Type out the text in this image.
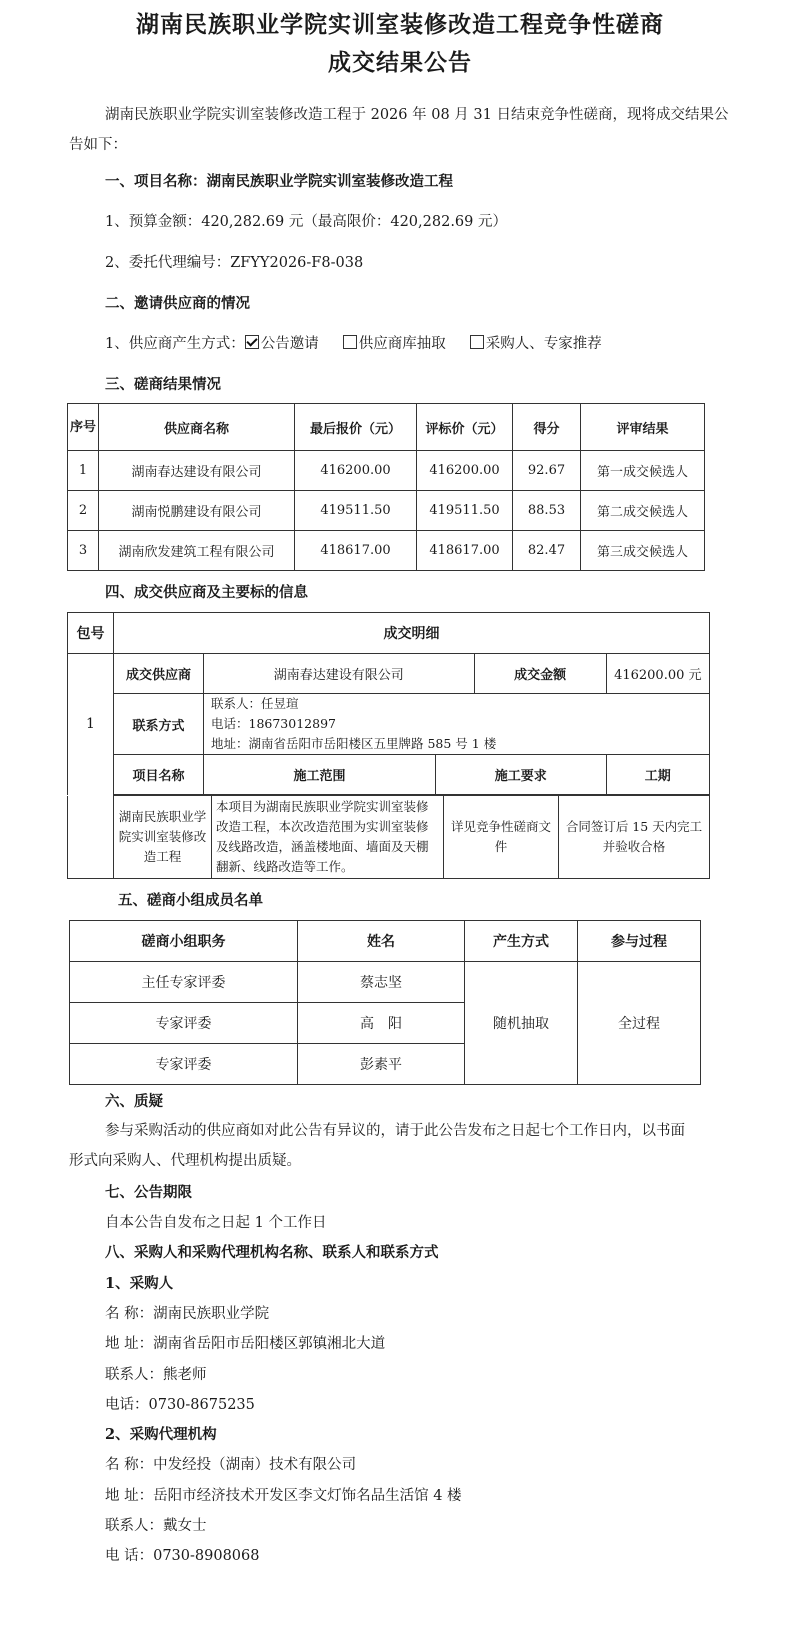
湖南民族职业学院实训室装修改造工程竞争性磋商
成交结果公告
湖南民族职业学院实训室装修改造工程于 2026 年 08 月 31 日结束竞争性磋商，现将成交结果公告如下：
一、项目名称：湖南民族职业学院实训室装修改造工程
1、预算金额：420,282.69 元（最高限价：420,282.69 元）
2、委托代理编号：ZFYY2026-F8-038
二、邀请供应商的情况
1、供应商产生方式： 公告邀请	供应商库抽取	采购人、专家推荐
三、磋商结果情况
序号	供应商名称	最后报价（元）	评标价（元）	得分	评审结果
1	湖南春达建设有限公司	416200.00	416200.00	92.67	第一成交候选人
2	湖南悦鹏建设有限公司	419511.50	419511.50	88.53	第二成交候选人
3	湖南欣发建筑工程有限公司	418617.00	418617.00	82.47	第三成交候选人
四、成交供应商及主要标的信息
包号	成交明细				
1	成交供应商	湖南春达建设有限公司		成交金额	416200.00 元
	联系方式	联系人：任昱瑄
电话：18673012897
地址：湖南省岳阳市岳阳楼区五里牌路 585 号 1 楼			

	项目名称	施工范围	施工要求		工期
	湖南民族职业学院实训室装修改造工程	本项目为湖南民族职业学院实训室装修改造工程，本次改造范围为实训室装修及线路改造，涵盖楼地面、墙面及天棚翻新、线路改造等工作。	详见竞争性磋商文件	合同签订后 15 天内完工并验收合格
五、磋商小组成员名单
磋商小组职务	姓名	产生方式	参与过程
主任专家评委	蔡志坚	随机抽取	全过程
专家评委	高　阳		
专家评委	彭素平		
六、质疑
参与采购活动的供应商如对此公告有异议的，请于此公告发布之日起七个工作日内，以书面形式向采购人、代理机构提出质疑。
七、公告期限
自本公告自发布之日起 1 个工作日
八、采购人和采购代理机构名称、联系人和联系方式
1、采购人
名 称：湖南民族职业学院
地 址：湖南省岳阳市岳阳楼区郭镇湘北大道
联系人：熊老师
电话：0730-8675235
2、采购代理机构
名 称：中发经投（湖南）技术有限公司
地 址：岳阳市经济技术开发区李文灯饰名品生活馆 4 楼
联系人：戴女士
电 话：0730-8908068
